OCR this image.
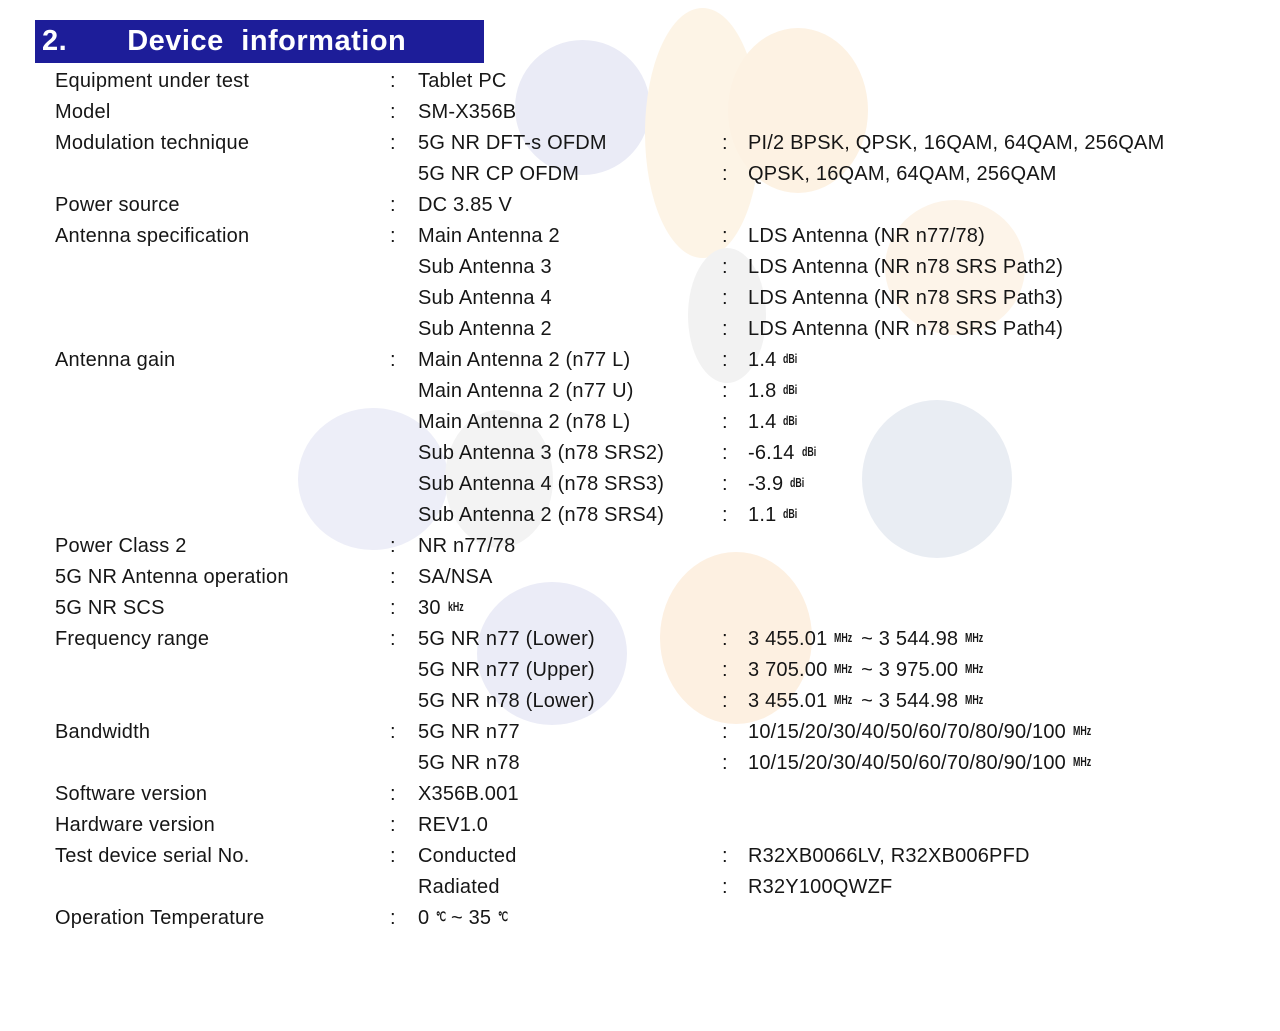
2. Device information
Equipment under test	:	Tablet PC
Model	:	SM-X356B
Modulation technique	:	5G NR DFT-s OFDM	:	PI/2 BPSK, QPSK, 16QAM, 64QAM, 256QAM
5G NR CP OFDM	:	QPSK, 16QAM, 64QAM, 256QAM
Power source	:	DC 3.85 V
Antenna specification	:	Main Antenna 2	:	LDS Antenna (NR n77/78)
Sub Antenna 3	:	LDS Antenna (NR n78 SRS Path2)
Sub Antenna 4	:	LDS Antenna (NR n78 SRS Path3)
Sub Antenna 2	:	LDS Antenna (NR n78 SRS Path4)
Antenna gain	:	Main Antenna 2 (n77 L)	:	1.4 dBi
Main Antenna 2 (n77 U)	:	1.8 dBi
Main Antenna 2 (n78 L)	:	1.4 dBi
Sub Antenna 3 (n78 SRS2)	:	-6.14 dBi
Sub Antenna 4 (n78 SRS3)	:	-3.9 dBi
Sub Antenna 2 (n78 SRS4)	:	1.1 dBi
Power Class 2	:	NR n77/78
5G NR Antenna operation	:	SA/NSA
5G NR SCS	:	30 kHz
Frequency range	:	5G NR n77 (Lower)	:	3 455.01 MHz ~ 3 544.98 MHz
5G NR n77 (Upper)	:	3 705.00 MHz ~ 3 975.00 MHz
5G NR n78 (Lower)	:	3 455.01 MHz ~ 3 544.98 MHz
Bandwidth	:	5G NR n77	:	10/15/20/30/40/50/60/70/80/90/100 MHz
5G NR n78	:	10/15/20/30/40/50/60/70/80/90/100 MHz
Software version	:	X356B.001
Hardware version	:	REV1.0
Test device serial No.	:	Conducted	:	R32XB0066LV, R32XB006PFD
Radiated	:	R32Y100QWZF
Operation Temperature	:	0 ℃ ~ 35 ℃
